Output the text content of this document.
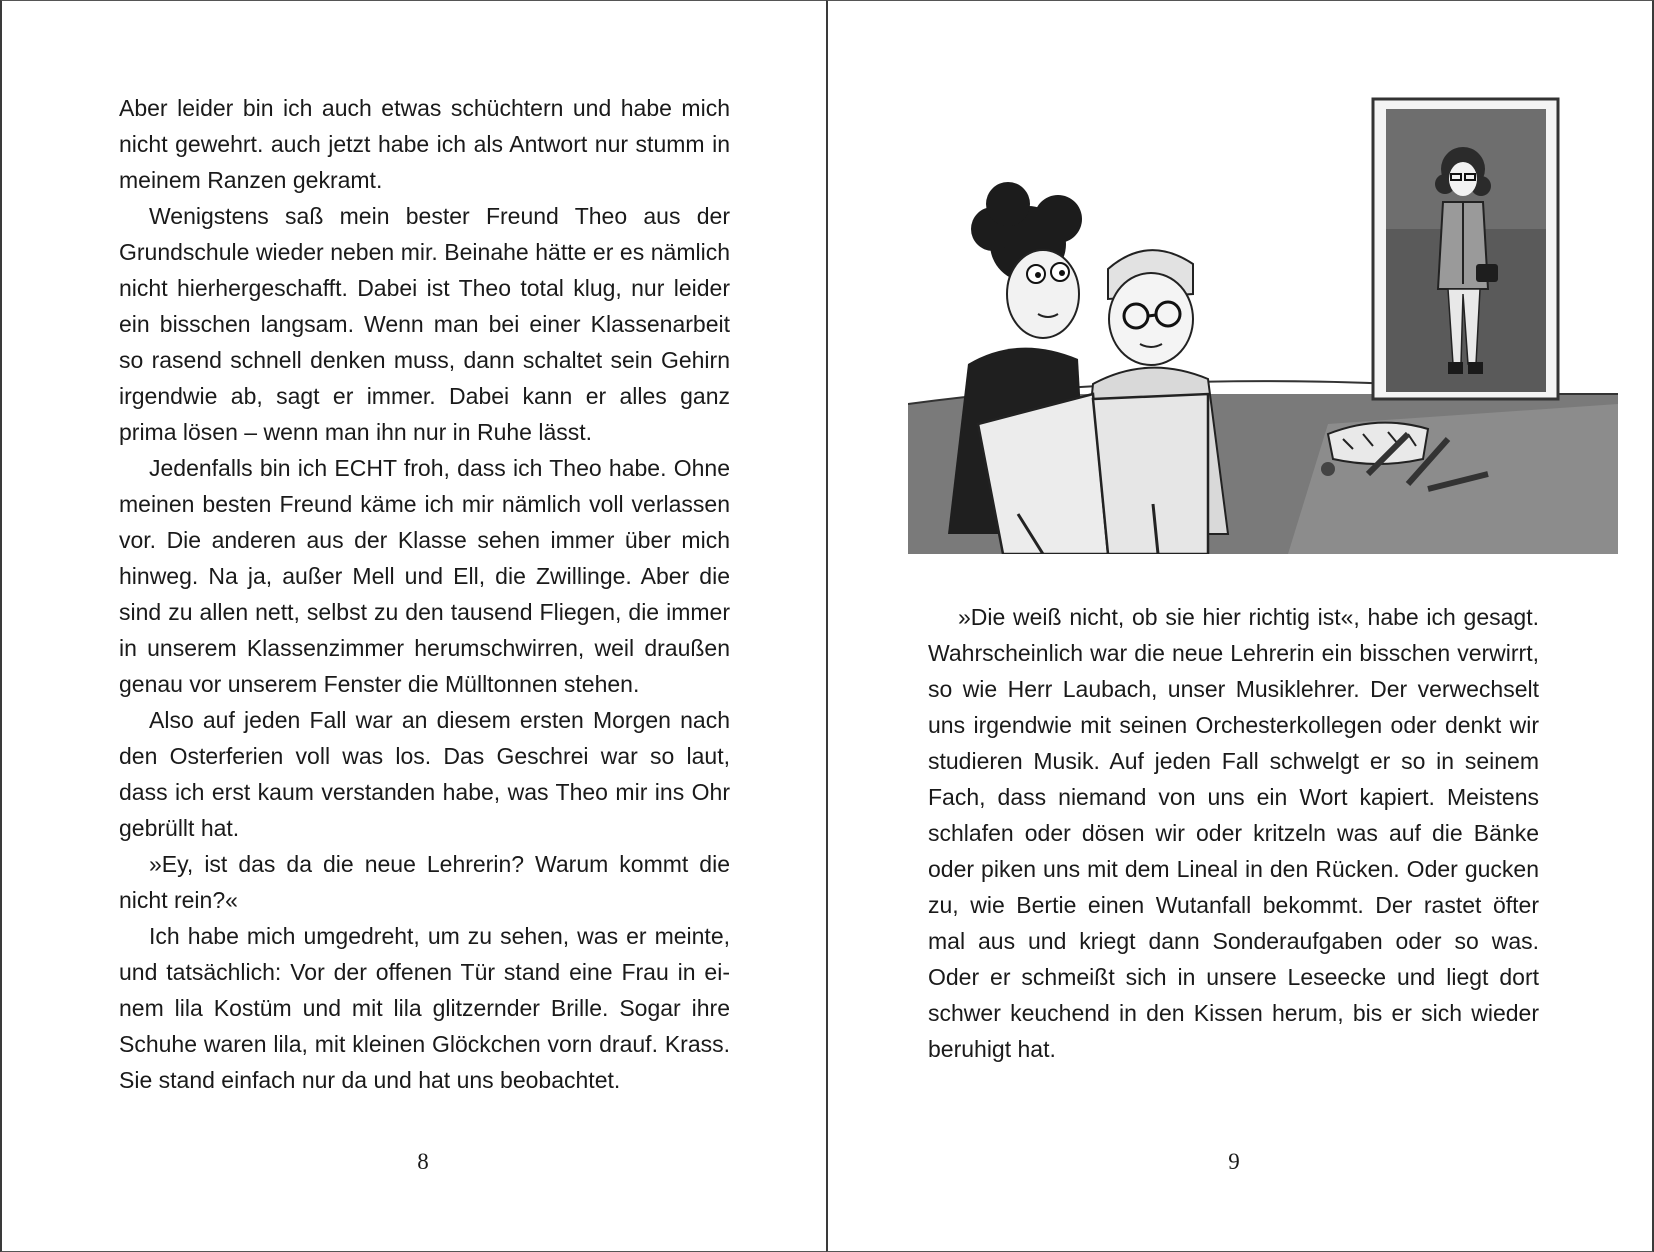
Aber leider bin ich auch etwas schüchtern und habe mich nicht gewehrt. auch jetzt habe ich als Antwort nur stumm in meinem Ranzen gekramt.

Wenigstens saß mein bester Freund Theo aus der Grundschule wieder neben mir. Beinahe hätte er es nämlich nicht hierhergeschafft. Dabei ist Theo total klug, nur leider ein bisschen langsam. Wenn man bei einer Klassenarbeit so rasend schnell denken muss, dann schaltet sein Gehirn irgendwie ab, sagt er immer. Dabei kann er alles ganz prima lösen – wenn man ihn nur in Ruhe lässt.

Jedenfalls bin ich ECHT froh, dass ich Theo habe. Ohne meinen besten Freund käme ich mir nämlich voll verlassen vor. Die anderen aus der Klasse sehen immer über mich hinweg. Na ja, außer Mell und Ell, die Zwillinge. Aber die sind zu allen nett, selbst zu den tausend Fliegen, die immer in unserem Klassenzimmer herumschwirren, weil draußen genau vor unserem Fenster die Mülltonnen stehen.

Also auf jeden Fall war an diesem ersten Morgen nach den Osterferien voll was los. Das Geschrei war so laut, dass ich erst kaum verstanden habe, was Theo mir ins Ohr gebrüllt hat.

»Ey, ist das da die neue Lehrerin? Warum kommt die nicht rein?«

Ich habe mich umgedreht, um zu sehen, was er meinte, und tatsächlich: Vor der offenen Tür stand eine Frau in einem lila Kostüm und mit lila glitzernder Brille. Sogar ihre Schuhe waren lila, mit kleinen Glöckchen vorn drauf. Krass. Sie stand einfach nur da und hat uns beobachtet.

8

»Die weiß nicht, ob sie hier richtig ist«, habe ich gesagt. Wahrscheinlich war die neue Lehrerin ein bisschen verwirrt, so wie Herr Laubach, unser Musiklehrer. Der verwechselt uns irgendwie mit seinen Orchesterkollegen oder denkt wir studieren Musik. Auf jeden Fall schwelgt er so in seinem Fach, dass niemand von uns ein Wort kapiert. Meistens schlafen oder dösen wir oder kritzeln was auf die Bänke oder piken uns mit dem Lineal in den Rücken. Oder gucken zu, wie Bertie einen Wutanfall bekommt. Der rastet öfter mal aus und kriegt dann Sonderaufgaben oder so was. Oder er schmeißt sich in unsere Leseecke und liegt dort schwer keuchend in den Kissen herum, bis er sich wieder beruhigt hat.

9
